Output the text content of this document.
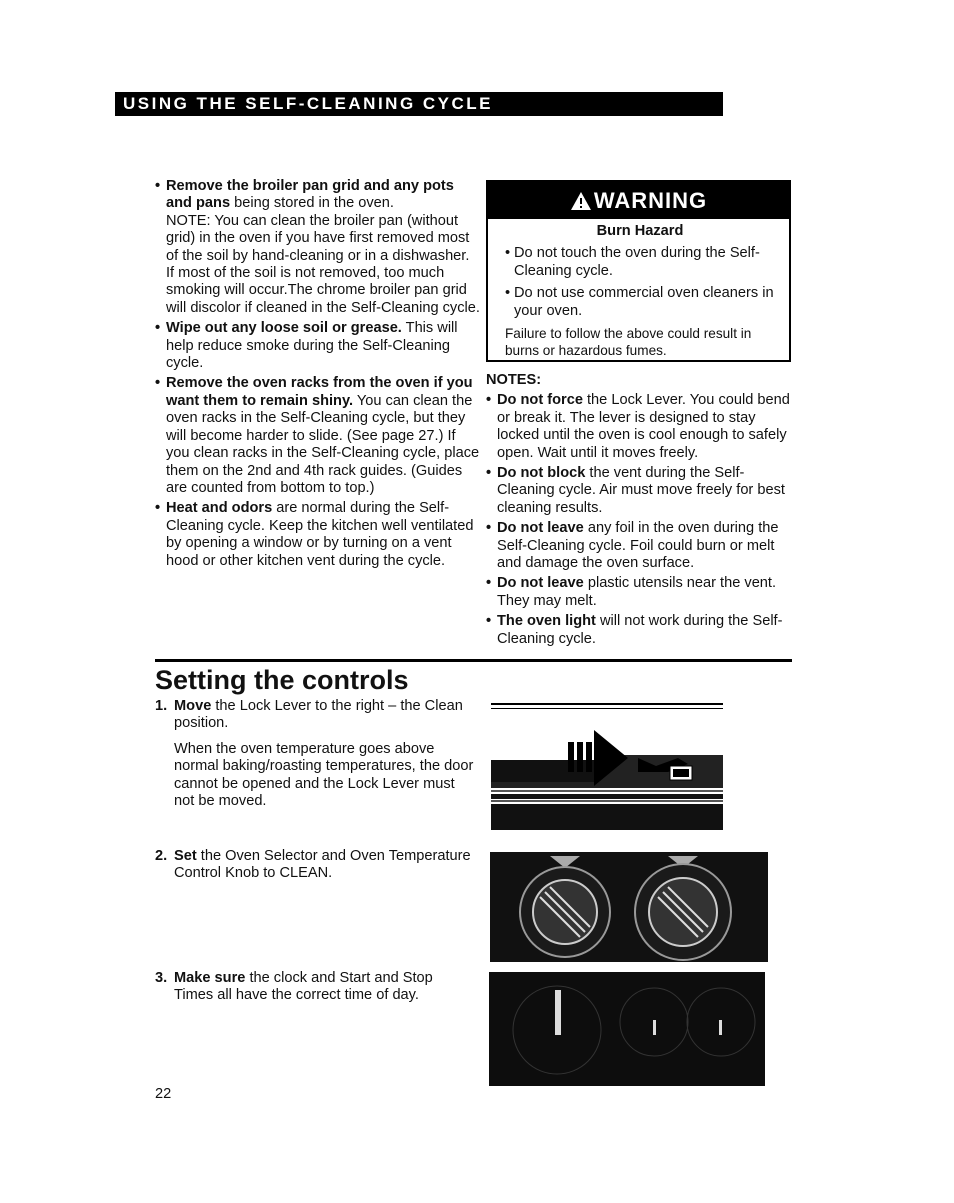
USING THE SELF-CLEANING CYCLE
• Remove the broiler pan grid and any pots and pans being stored in the oven.
NOTE: You can clean the broiler pan (without grid) in the oven if you have first removed most of the soil by hand-cleaning or in a dishwasher. If most of the soil is not removed, too much smoking will occur.The chrome broiler pan grid will discolor if cleaned in the Self-Cleaning cycle.
• Wipe out any loose soil or grease. This will help reduce smoke during the Self-Cleaning cycle.
• Remove the oven racks from the oven if you want them to remain shiny. You can clean the oven racks in the Self-Cleaning cycle, but they will become harder to slide. (See page 27.) If you clean racks in the Self-Cleaning cycle, place them on the 2nd and 4th rack guides. (Guides are counted from bottom to top.)
• Heat and odors are normal during the Self-Cleaning cycle. Keep the kitchen well ventilated by opening a window or by turning on a vent hood or other kitchen vent during the cycle.
WARNING
Burn Hazard
• Do not touch the oven during the Self-Cleaning cycle.
• Do not use commercial oven cleaners in your oven.
Failure to follow the above could result in burns or hazardous fumes.
NOTES:
• Do not force the Lock Lever. You could bend or break it. The lever is designed to stay locked until the oven is cool enough to safely open. Wait until it moves freely.
• Do not block the vent during the Self-Cleaning cycle. Air must move freely for best cleaning results.
• Do not leave any foil in the oven during the Self-Cleaning cycle. Foil could burn or melt and damage the oven surface.
• Do not leave plastic utensils near the vent. They may melt.
• The oven light will not work during the Self-Cleaning cycle.
Setting the controls
1. Move the Lock Lever to the right – the Clean position.
When the oven temperature goes above normal baking/roasting temperatures, the door cannot be opened and the Lock Lever must not be moved.
2. Set the Oven Selector and Oven Temperature Control Knob to CLEAN.
3. Make sure the clock and Start and Stop Times all have the correct time of day.
22
